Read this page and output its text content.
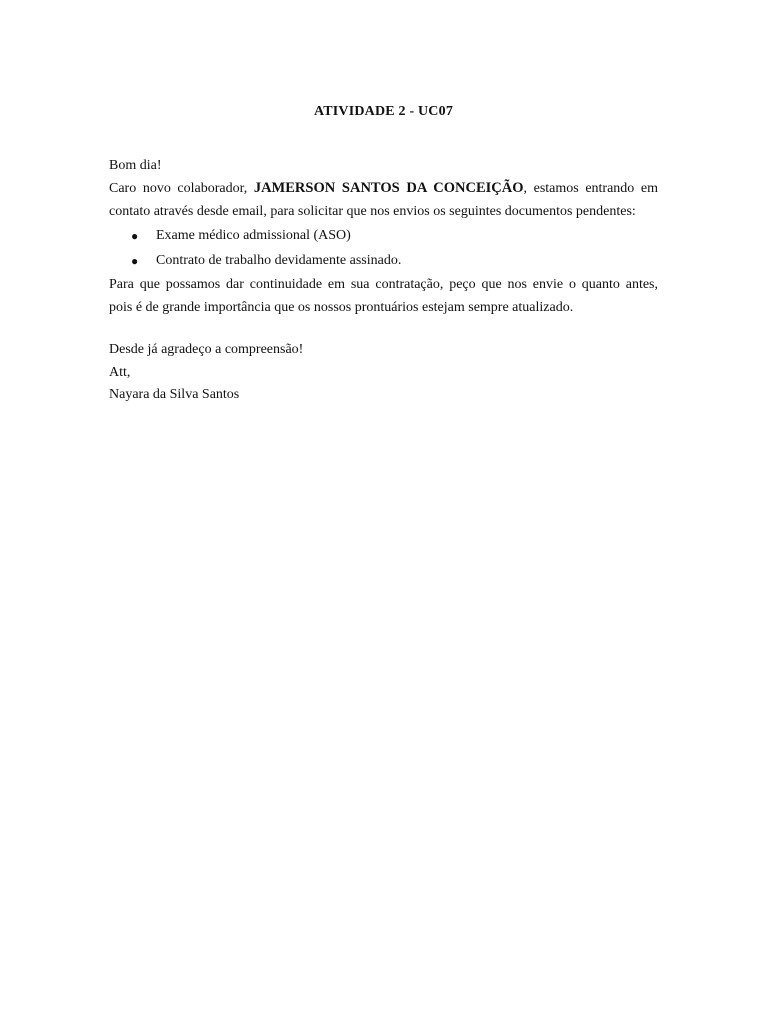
ATIVIDADE 2 - UC07

Bom dia!

Caro novo colaborador, JAMERSON SANTOS DA CONCEIÇÃO, estamos entrando em

contato através desde email, para solicitar que nos envios os seguintes documentos pendentes:

● Exame médico admissional (ASO)
● Contrato de trabalho devidamente assinado.

Para que possamos dar continuidade em sua contratação, peço que nos envie o quanto antes,

pois é de grande importância que os nossos prontuários estejam sempre atualizado.

Desde já agradeço a compreensão!

Att,

Nayara da Silva Santos
